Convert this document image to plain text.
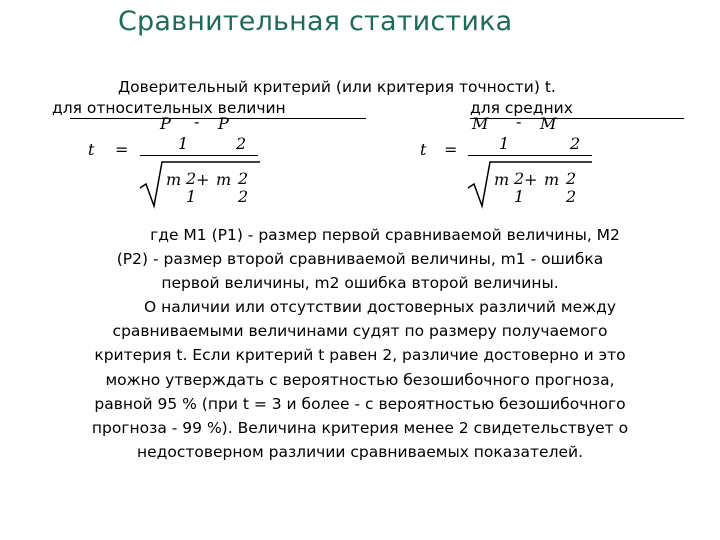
Сравнительная статистика
Доверительный критерий (или критерия точности) t.
для относительных величин	для средних
t =
P
1
- P
2
m 2
1
+ m 2
2
t =
M
1
- M
2
m 2
1
+ m 2
2
где М1 (Р1) - размер первой сравниваемой величины, М2
(Р2) - размер второй сравниваемой величины, m1 - ошибка
первой величины, m2 ошибка второй величины.
О наличии или отсутствии достоверных различий между
сравниваемыми величинами судят по размеру получаемого
критерия t. Если критерий t равен 2, различие достоверно и это
можно утверждать с вероятностью безошибочного прогноза,
равной 95 % (при t = 3 и более - с вероятностью безошибочного
прогноза - 99 %). Величина критерия менее 2 свидетельствует о
недостоверном различии сравниваемых показателей.
